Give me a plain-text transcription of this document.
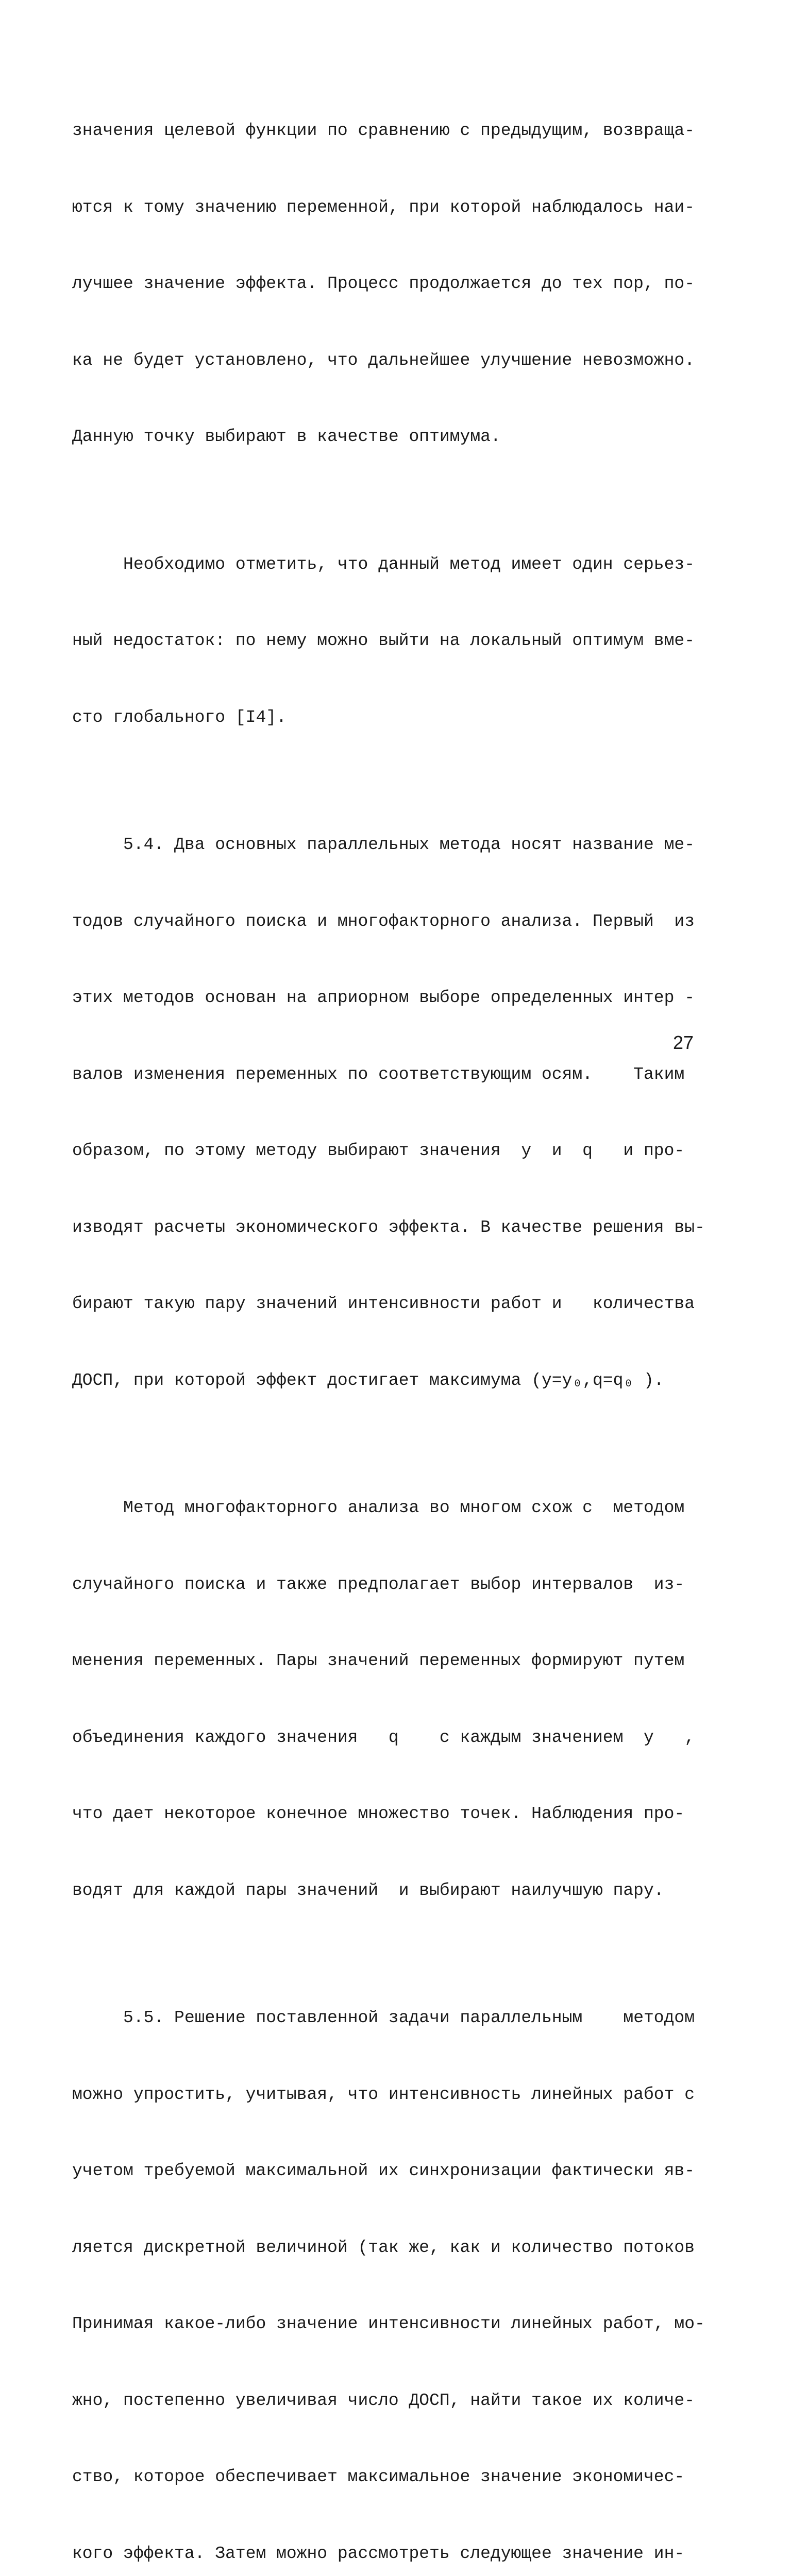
значения целевой функции по сравнению с предыдущим, возвраща-

ются к тому значению переменной, при которой наблюдалось наи-

лучшее значение эффекта. Процесс продолжается до тех пор, по-

ка не будет установлено, что дальнейшее улучшение невозможно.

Данную точку выбирают в качестве оптимума.

Необходимо отметить, что данный метод имеет один серьез-

ный недостаток: по нему можно выйти на локальный оптимум вме-

сто глобального [I4].

5.4. Два основных параллельных метода носят название ме-

тодов случайного поиска и многофакторного анализа. Первый  из

этих методов основан на априорном выборе определенных интер -

валов изменения переменных по соответствующим осям.    Таким

образом, по этому методу выбирают значения  y  и  q   и про-

изводят расчеты экономического эффекта. В качестве решения вы-

бирают такую пару значений интенсивности работ и   количества

ДОСП, при которой эффект достигает максимума (y=y₀,q=q₀ ).

Метод многофакторного анализа во многом схож с  методом

случайного поиска и также предполагает выбор интервалов  из-

менения переменных. Пары значений переменных формируют путем

объединения каждого значения   q    с каждым значением  y   ,

что дает некоторое конечное множество точек. Наблюдения про-

водят для каждой пары значений  и выбирают наилучшую пару.

5.5. Решение поставленной задачи параллельным    методом

можно упростить, учитывая, что интенсивность линейных работ с

учетом требуемой максимальной их синхронизации фактически яв-

ляется дискретной величиной (так же, как и количество потоков

Принимая какое-либо значение интенсивности линейных работ, мо-

жно, постепенно увеличивая число ДОСП, найти такое их количе-

ство, которое обеспечивает максимальное значение экономичес-

кого эффекта. Затем можно рассмотреть следующее значение ин-

27
